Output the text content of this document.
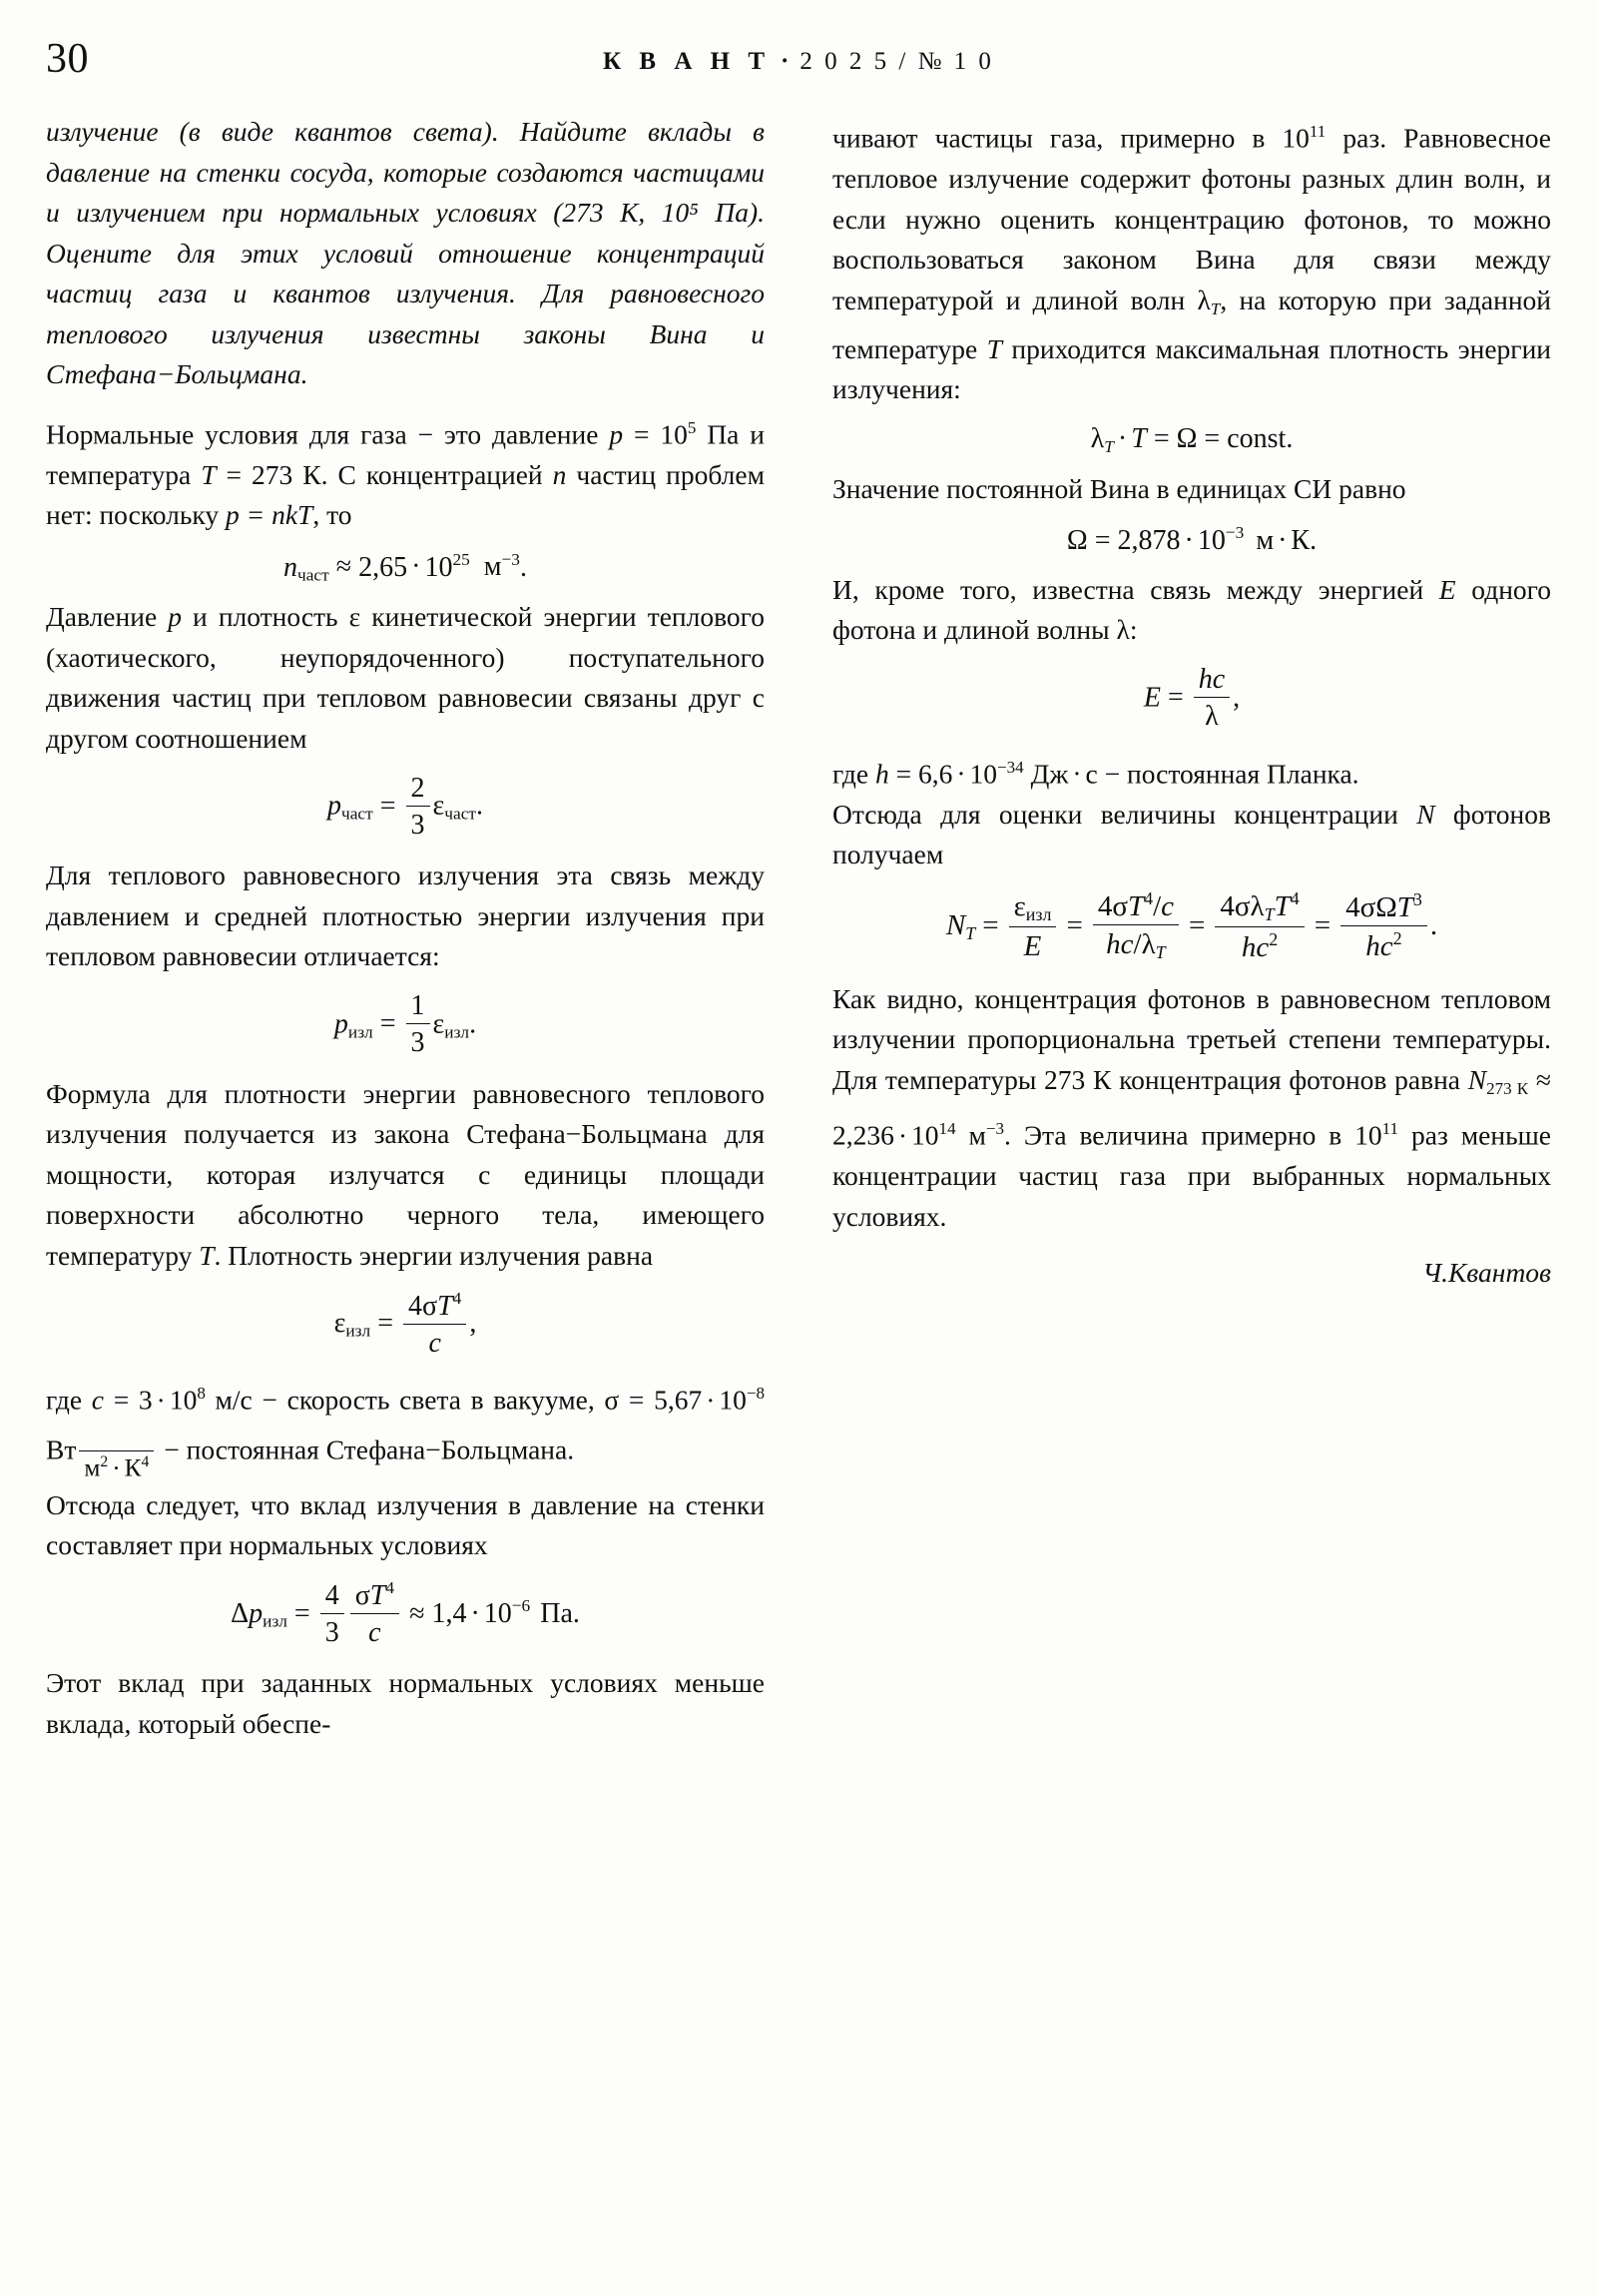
30	К В А Н Т · 2 0 2 5 / № 1 0

излучение (в виде квантов света). Найдите вклады в давление на стенки сосуда, которые создаются частицами и излучением при нормальных условиях (273 К, 10⁵ Па). Оцените для этих условий отношение концентраций частиц газа и квантов излучения. Для равновесного теплового излучения известны законы Вина и Стефана−Больцмана.

Нормальные условия для газа − это давление $p = 10^5$ Па и температура T = 273 К. С концентрацией n частиц проблем нет: поскольку p = nkT, то

$n_{част} \approx 2,65 \cdot 10^{25}$ $м^{-3}$.

Давление p и плотность ε кинетической энергии теплового (хаотического, неупорядоченного) поступательного движения частиц при тепловом равновесии связаны друг с другом соотношением

$p_{част} = \frac{2}{3} \varepsilon_{част}$.

Для теплового равновесного излучения эта связь между давлением и средней плотностью энергии излучения при тепловом равновесии отличается:

$p_{изл} = \frac{1}{3} \varepsilon_{изл}$.

Формула для плотности энергии равновесного теплового излучения получается из закона Стефана−Больцмана для мощности, которая излучатся с единицы площади поверхности абсолютно черного тела, имеющего температуру T. Плотность энергии излучения равна

$\varepsilon_{изл} = \frac{4\sigma T^4}{c}$ ,

где $c = 3 \cdot 10^8$ м/с − скорость света в вакууме, $\sigma = 5,67 \cdot 10^{-8}$ Вт

$м^2 \cdot К^4$ − постоянная Стефана−Больцмана.

Отсюда следует, что вклад излучения в давление на стенки составляет при нормальных условиях

$\Delta p_{изл} = \frac{4}{3} \frac{\sigma T^4}{c} \approx 1,4 \cdot 10^{-6}$ Па.

Этот вклад при заданных нормальных условиях меньше вклада, который обеспе-

чивают частицы газа, примерно в $10^{11}$ раз. Равновесное тепловое излучение содержит фотоны разных длин волн, и если нужно оценить концентрацию фотонов, то можно воспользоваться законом Вина для связи между температурой и длиной волн $\lambda_T$, на которую при заданной температуре T приходится максимальная плотность энергии излучения:

$\lambda_T \cdot T = \Omega$ = const.

Значение постоянной Вина в единицах СИ равно

$\Omega = 2,878 \cdot 10^{-3}$ м · К.

И, кроме того, известна связь между энергией E одного фотона и длиной волны λ:

$E = \frac{hc}{\lambda}$ ,

где $h = 6,6 \cdot 10^{-34}$ Дж · с − постоянная Планка.

Отсюда для оценки величины концентрации N фотонов получаем

$N_T = \frac{\varepsilon_{изл}}{E} = \frac{4\sigma T^4/c}{hc/\lambda_T} = \frac{4\sigma\lambda_TT^4}{hc^2} = \frac{4\sigma\Omega T^3}{hc^2}$ .

Как видно, концентрация фотонов в равновесном тепловом излучении пропорциональна третьей степени температуры. Для температуры 273 К концентрация фотонов равна $N_{273 К} \approx 2,236 \cdot 10^{14}$ $м^{-3}$. Эта величина примерно в $10^{11}$ раз меньше концентрации частиц газа при выбранных нормальных условиях.

Ч.Квантов
